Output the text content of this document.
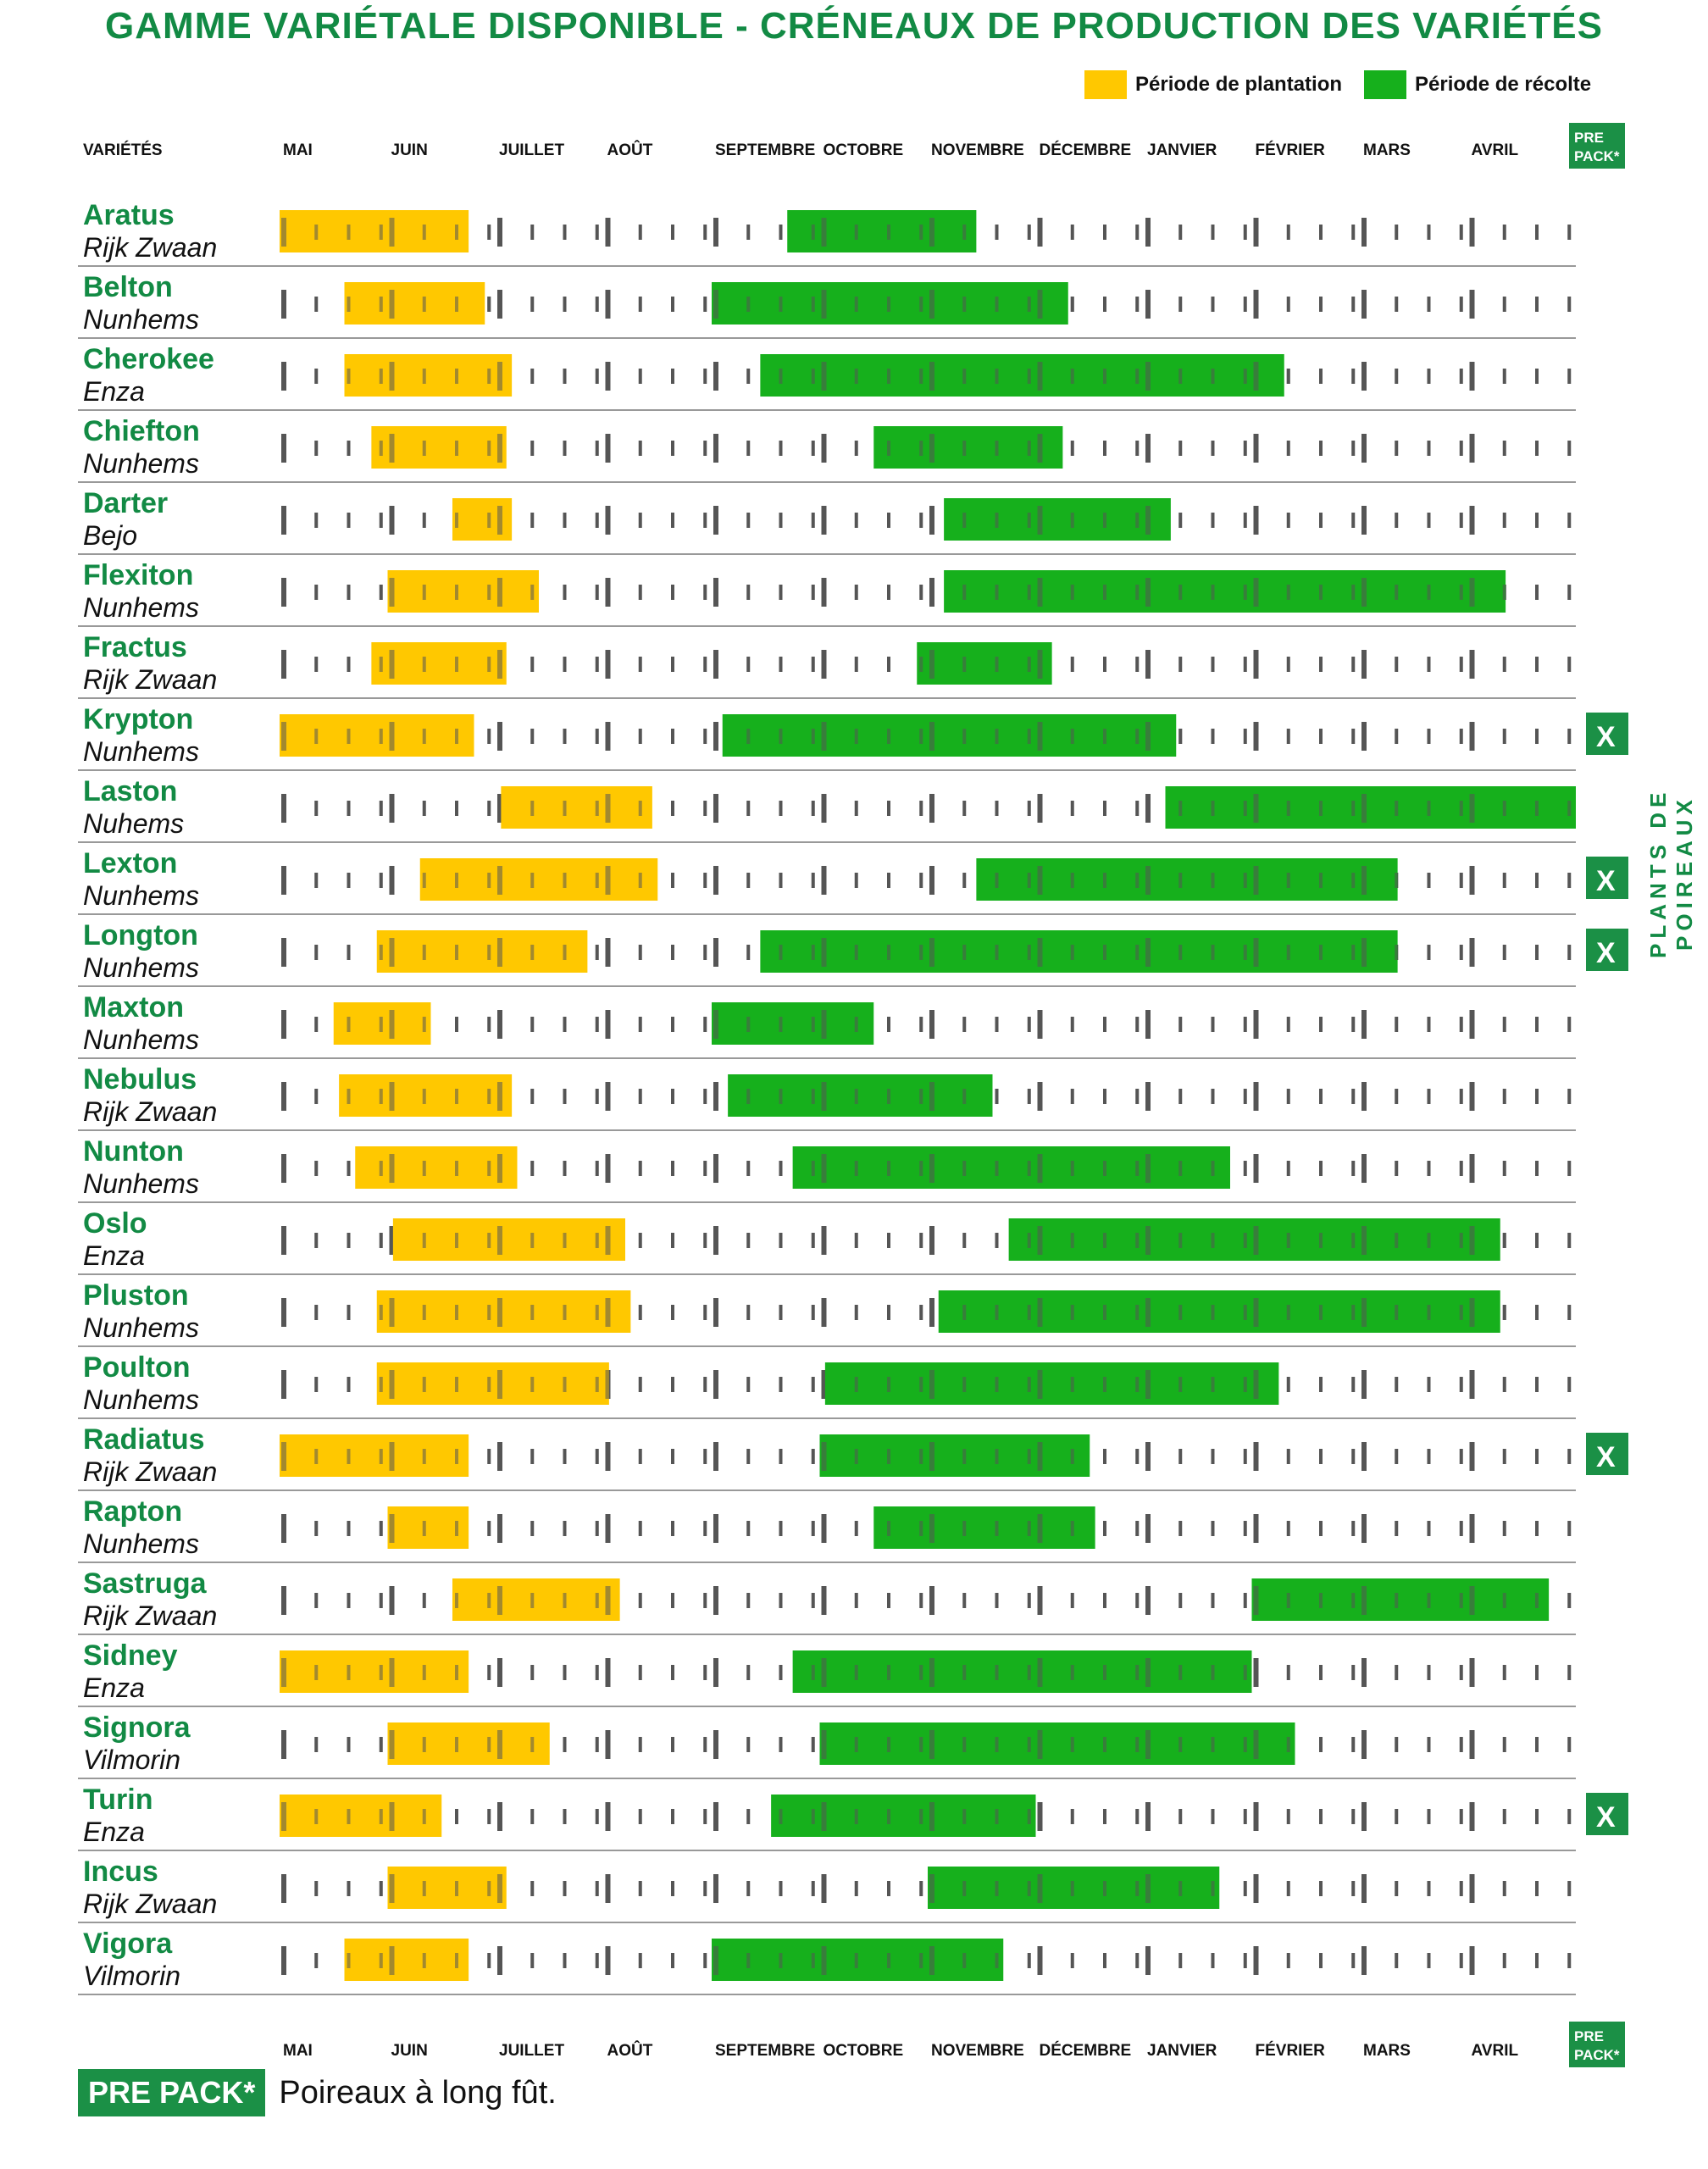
GAMME VARIÉTALE DISPONIBLE - CRÉNEAUX DE PRODUCTION DES VARIÉTÉS
Période de plantation	Période de récolte
VARIÉTÉS	MAI	JUIN	JUILLET	AOÛT	SEPTEMBRE OCTOBRE NOVEMBRE DÉCEMBRE JANVIER FÉVRIER MARS	AVRIL
PRE
PACK*
Aratus
Rijk Zwaan
Belton
Nunhems
Cherokee
Enza
Chiefton
Nunhems
Darter
Bejo
Flexiton
Nunhems
Fractus
Rijk Zwaan
Krypton
Nunhems	X
Laston
Nuhems
Lexton
Nunhems	X
Longton
Nunhems	X
Maxton
Nunhems
Nebulus
Rijk Zwaan
Nunton
Nunhems
Oslo
Enza
Pluston
Nunhems
Poulton
Nunhems
Radiatus
Rijk Zwaan	X
Rapton
Nunhems
Sastruga
Rijk Zwaan
Sidney
Enza
Signora
Vilmorin
Turin
Enza	X
Incus
Rijk Zwaan
Vigora
Vilmorin
MAI	JUIN	JUILLET	AOÛT	SEPTEMBRE OCTOBRE NOVEMBRE DÉCEMBRE JANVIER FÉVRIER MARS	AVRIL
PRE
PACK*
PLANTS DE POIREAUX
PRE PACK* Poireaux à long fût.
